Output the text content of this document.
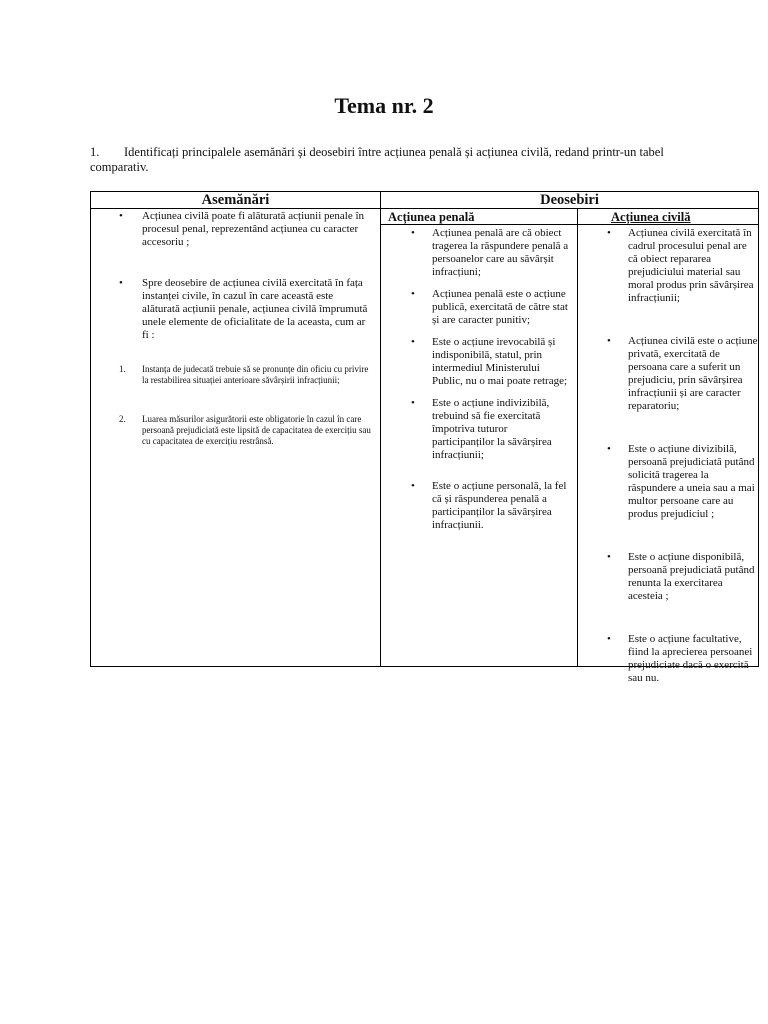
Tema nr. 2
1. Identificați principalele asemănări și deosebiri între acțiunea penală și acțiunea civilă, redand printr-un tabel comparativ.
Asemănări	Deosebiri
Acțiunea penală	Acțiunea civilă
• Acțiunea civilă poate fi alăturată acțiunii penale în procesul penal, reprezentând acțiunea cu caracter accesoriu ;
• Spre deosebire de acțiunea civilă exercitată în fața instanței civile, în cazul în care această este alăturată acțiunii penale, acțiunea civilă împrumută unele elemente de oficialitate de la aceasta, cum ar fi :
1. Instanța de judecată trebuie să se pronunțe din oficiu cu privire la restabilirea situației anterioare săvârșirii infracțiunii;
2. Luarea măsurilor asigurătorii este obligatorie în cazul în care persoană prejudiciată este lipsită de capacitatea de exercițiu sau cu capacitatea de exercițiu restrânsă.
• Acțiunea penală are că obiect tragerea la răspundere penală a persoanelor care au săvârșit infracțiuni;
• Acțiunea penală este o acțiune publică, exercitată de către stat și are caracter punitiv;
• Este o acțiune irevocabilă și indisponibilă, statul, prin intermediul Ministerului Public, nu o mai poate retrage;
• Este o acțiune indivizibilă, trebuind să fie exercitată împotriva tuturor participanților la săvârșirea infracțiunii;
• Este o acțiune personală, la fel că și răspunderea penală a participanților la săvârșirea infracțiunii.
• Acțiunea civilă exercitată în cadrul procesului penal are că obiect repararea prejudiciului material sau moral produs prin săvârșirea infracțiunii;
• Acțiunea civilă este o acțiune privată, exercitată de persoana care a suferit un prejudiciu, prin săvârșirea infracțiunii și are caracter reparatoriu;
• Este o acțiune divizibilă, persoană prejudiciată putând solicită tragerea la răspundere a uneia sau a mai multor persoane care au produs prejudiciul ;
• Este o acțiune disponibilă, persoană prejudiciată putând renunta la exercitarea acesteia ;
• Este o acțiune facultative, fiind la aprecierea persoanei prejudiciate dacă o exercită sau nu.
